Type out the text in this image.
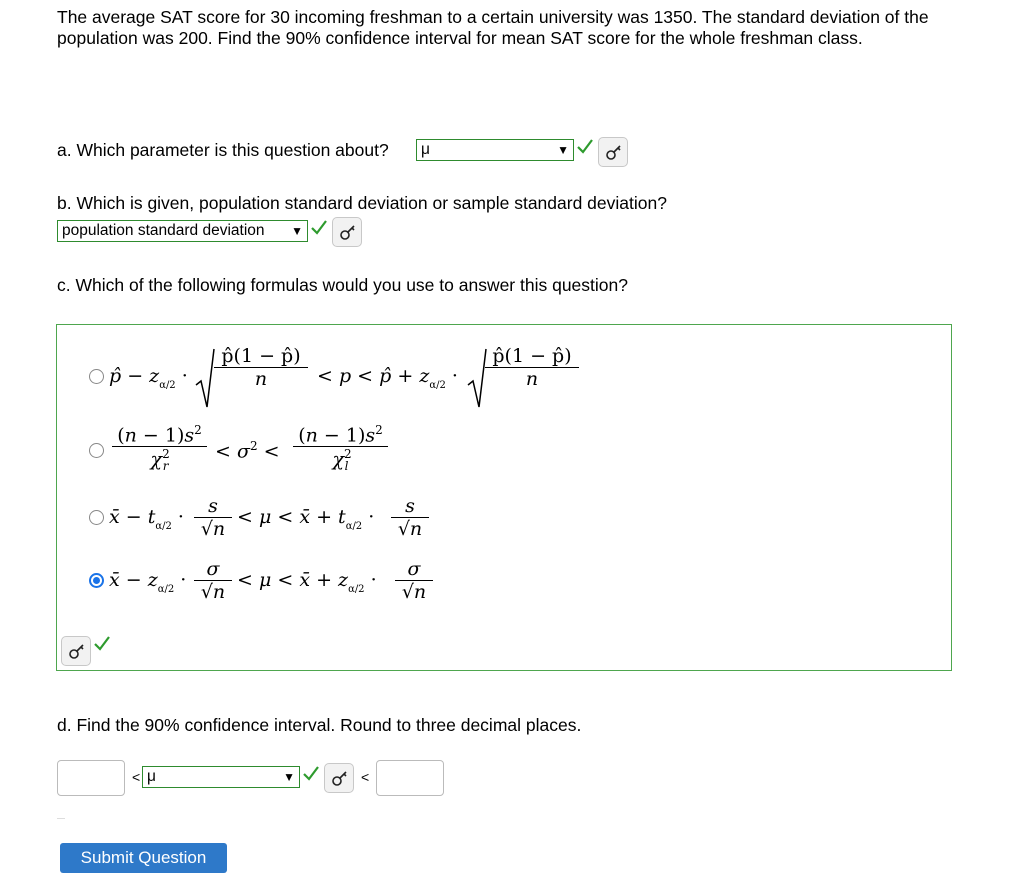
The average SAT score for 30 incoming freshman to a certain university was 1350. The standard deviation of the population was 200. Find the 90% confidence interval for mean SAT score for the whole freshman class.
a. Which parameter is this question about?	μ	▼
b. Which is given, population standard deviation or sample standard deviation?
population standard deviation ▼
c. Which of the following formulas would you use to answer this question?
p̂ − $z_{\alpha/2} \cdot \frac{p̂(1 - p̂)}{n} < p$ < p̂ + $z_{\alpha/2} \cdot \frac{p̂(1 - p̂)}{n}$
$\frac{(n - 1)s^2}{\chi^2_r} < \sigma^2 < \frac{(n - 1)s^2}{\chi^2_l}$
x̄ − $t_{\alpha/2} \cdot \frac{s}{√n} < \mu$ < x̄ + $t_{\alpha/2} \cdot \frac{s}{√n}$
x̄ − $z_{\alpha/2} \cdot \frac{\sigma}{√n} < \mu$ < x̄ + $z_{\alpha/2} \cdot \frac{\sigma}{√n}$
d. Find the 90% confidence interval. Round to three decimal places.
< μ	▼	<
Submit Question
